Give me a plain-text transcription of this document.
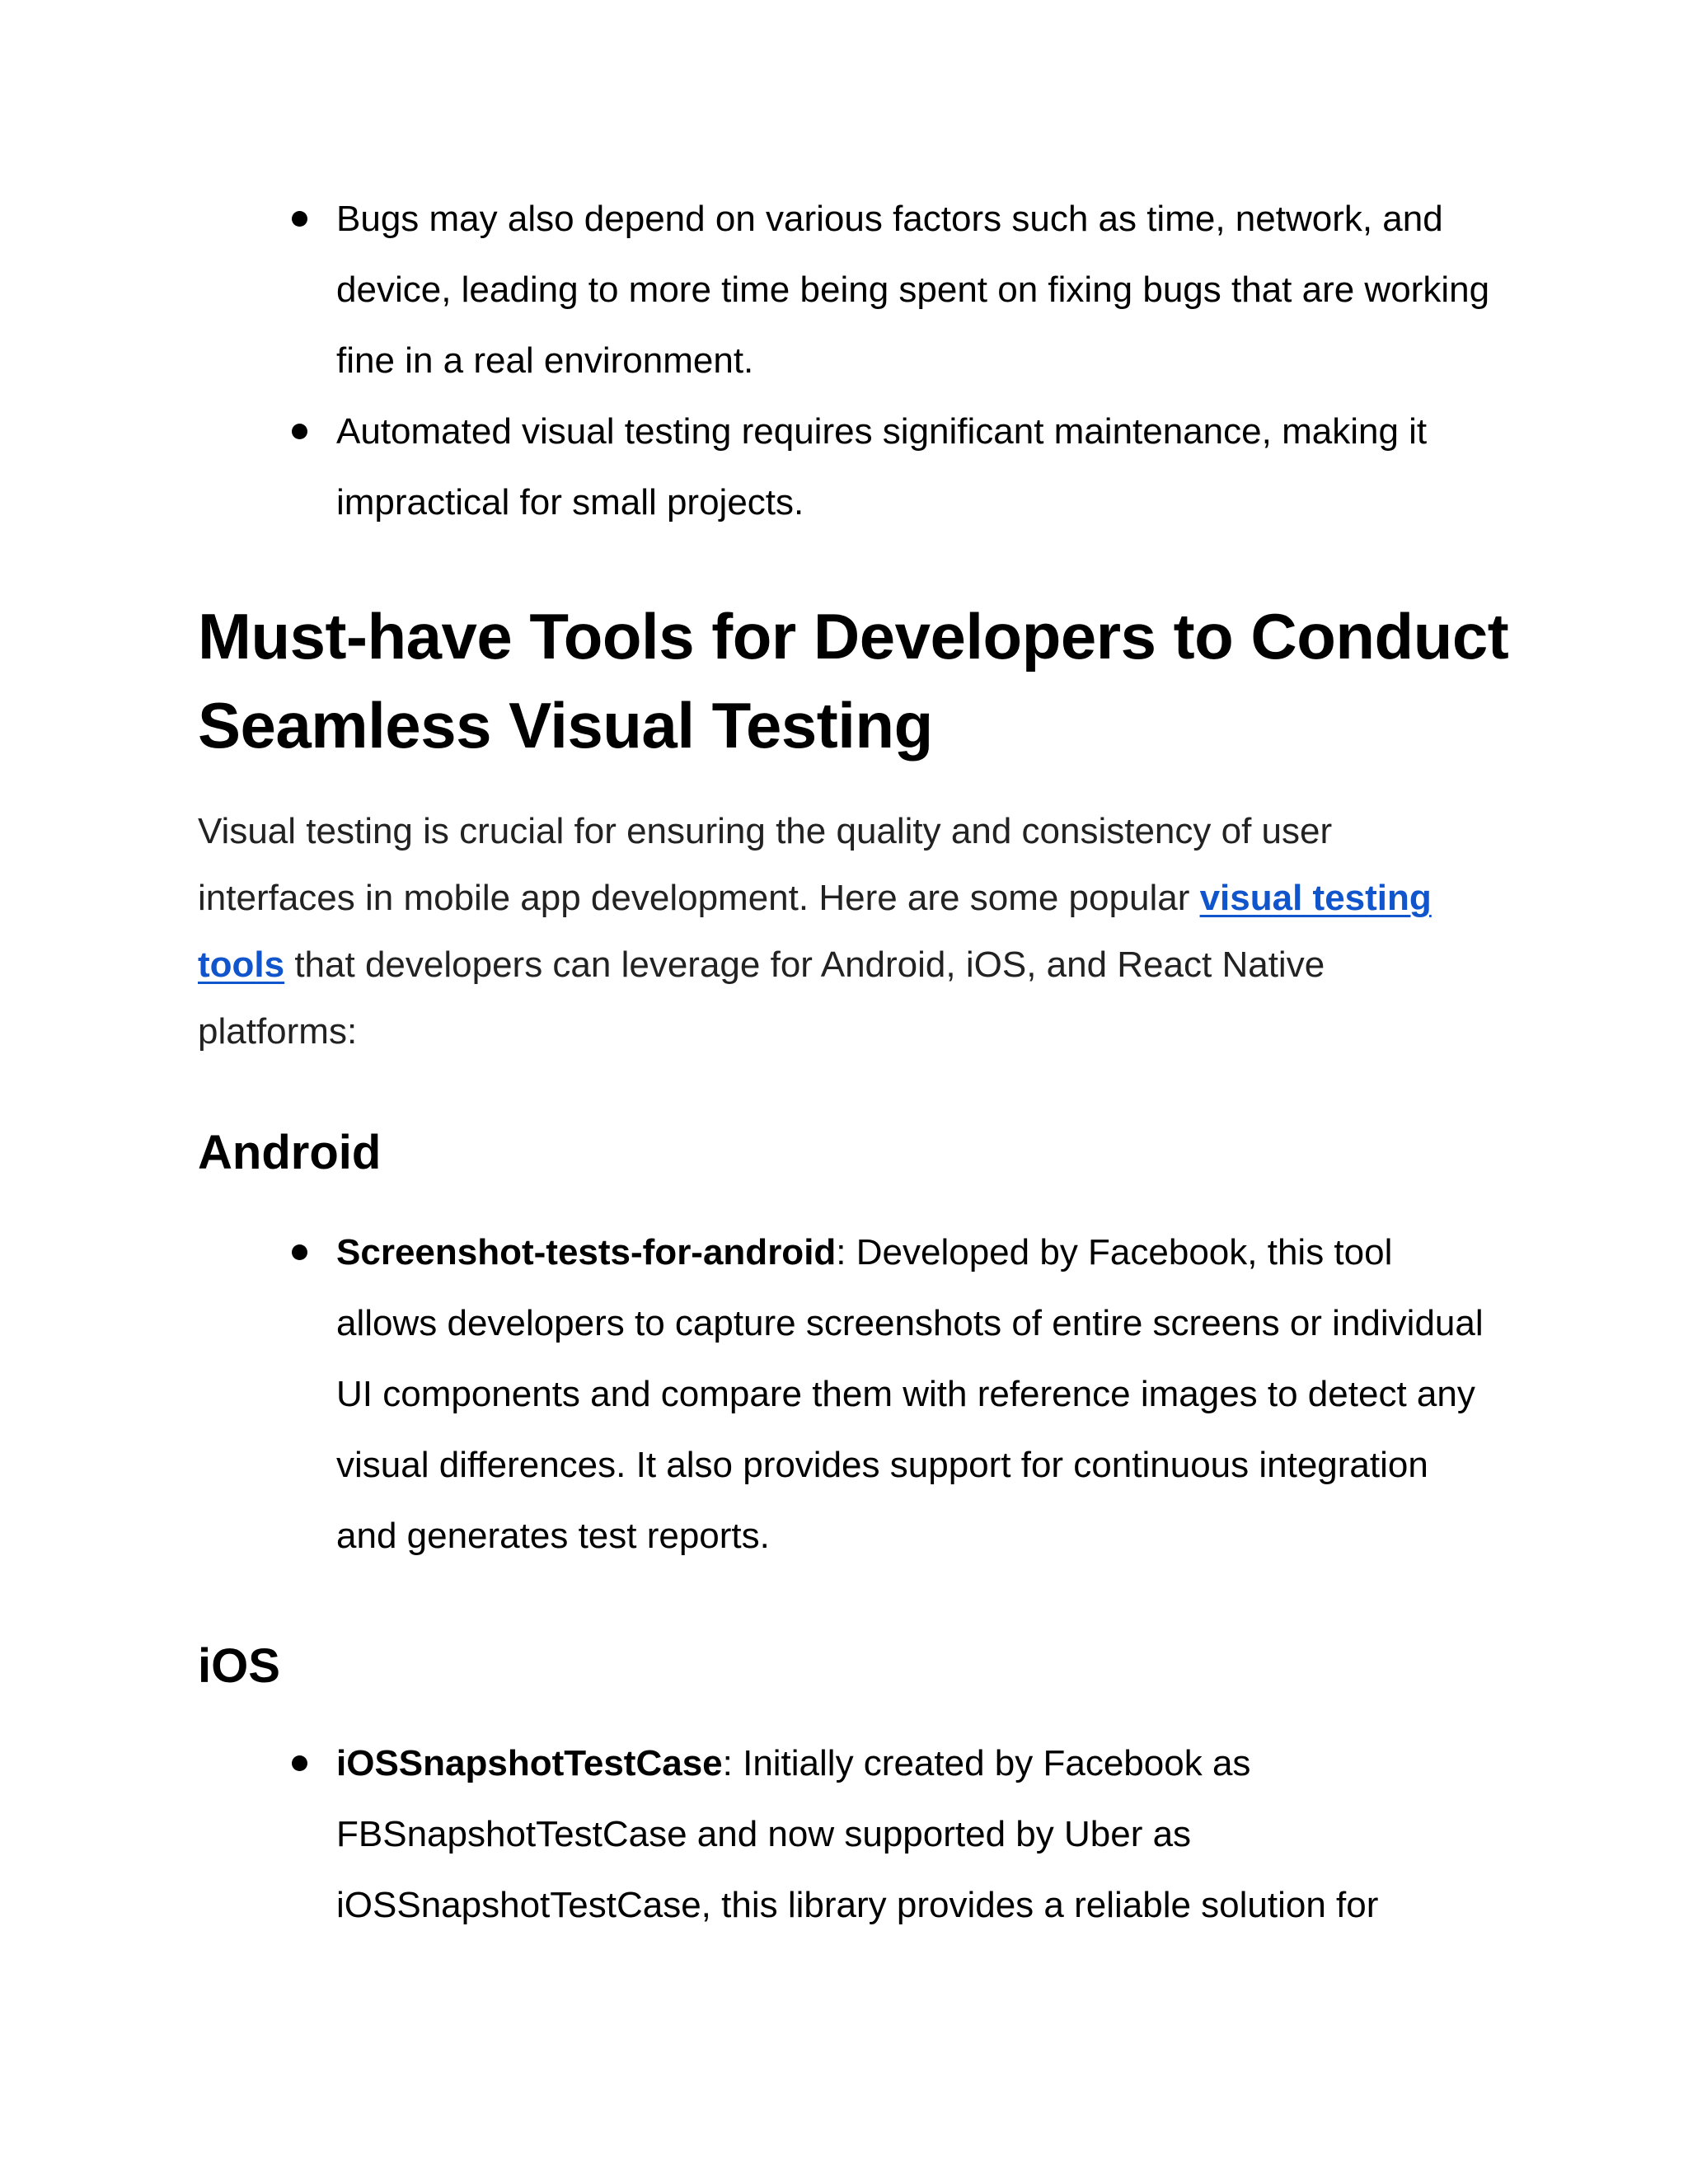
Bugs may also depend on various factors such as time, network, and device, leading to more time being spent on fixing bugs that are working fine in a real environment.
Automated visual testing requires significant maintenance, making it impractical for small projects.
Must-have Tools for Developers to Conduct Seamless Visual Testing

Visual testing is crucial for ensuring the quality and consistency of user interfaces in mobile app development. Here are some popular visual testing tools that developers can leverage for Android, iOS, and React Native platforms:

Android
Screenshot-tests-for-android: Developed by Facebook, this tool allows developers to capture screenshots of entire screens or individual UI components and compare them with reference images to detect any visual differences. It also provides support for continuous integration and generates test reports.
iOS
iOSSnapshotTestCase: Initially created by Facebook as FBSnapshotTestCase and now supported by Uber as iOSSnapshotTestCase, this library provides a reliable solution for
